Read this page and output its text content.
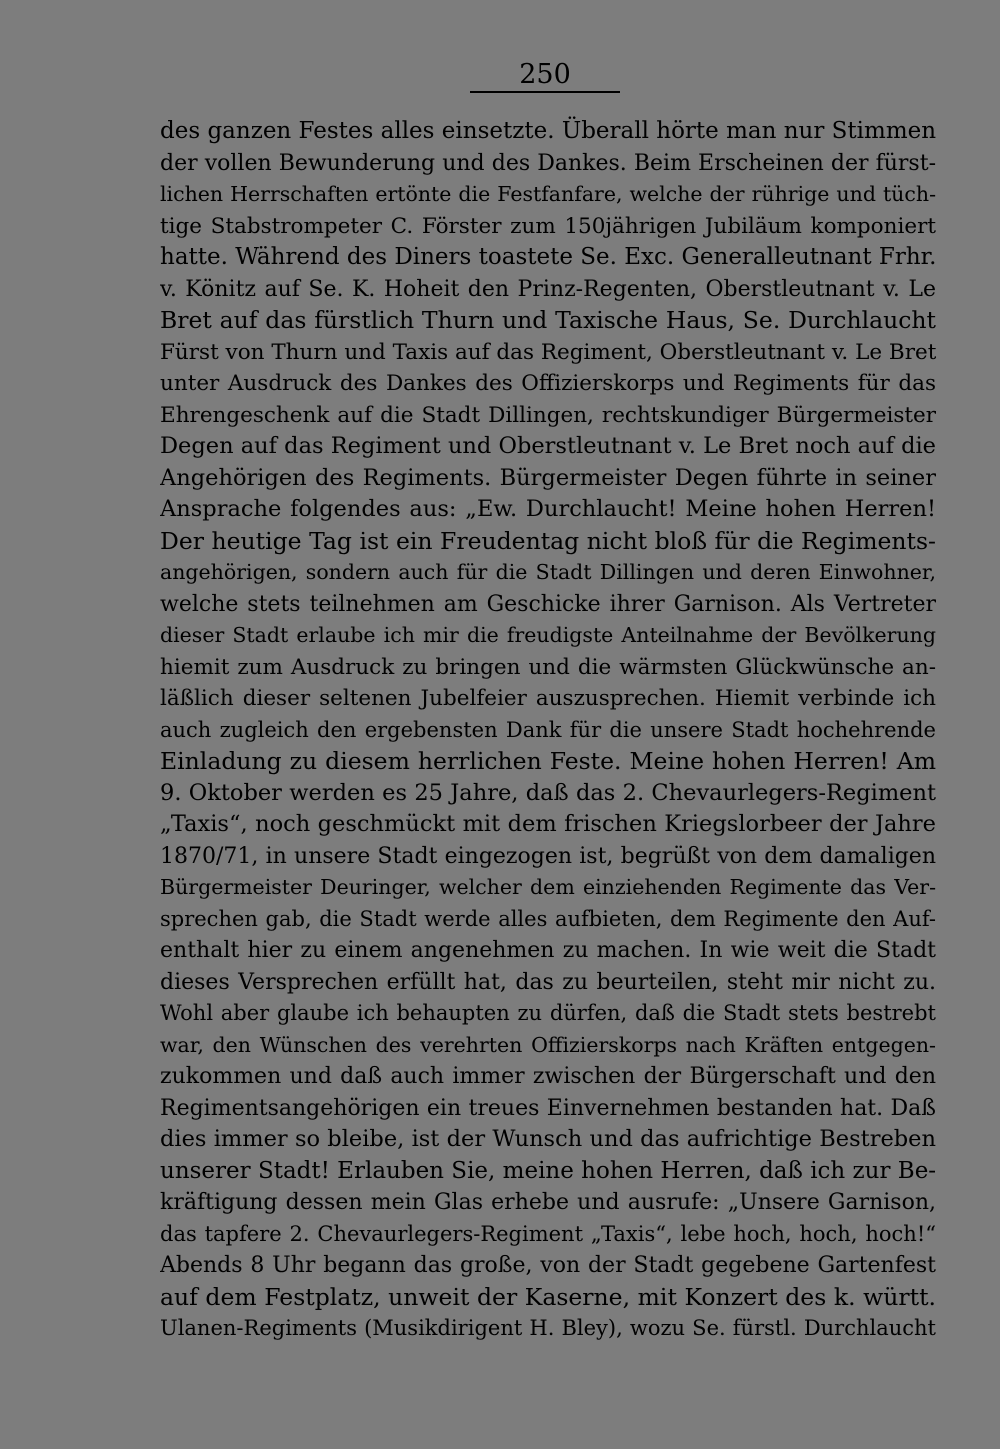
250
des ganzen Festes alles einsetzte. Überall hörte man nur Stimmen
der vollen Bewunderung und des Dankes. Beim Erscheinen der fürst-
lichen Herrschaften ertönte die Festfanfare, welche der rührige und tüch-
tige Stabstrompeter C. Förster zum 150jährigen Jubiläum komponiert
hatte. Während des Diners toastete Se. Exc. Generalleutnant Frhr.
v. Könitz auf Se. K. Hoheit den Prinz-Regenten, Oberstleutnant v. Le
Bret auf das fürstlich Thurn und Taxische Haus, Se. Durchlaucht
Fürst von Thurn und Taxis auf das Regiment, Oberstleutnant v. Le Bret
unter Ausdruck des Dankes des Offizierskorps und Regiments für das
Ehrengeschenk auf die Stadt Dillingen, rechtskundiger Bürgermeister
Degen auf das Regiment und Oberstleutnant v. Le Bret noch auf die
Angehörigen des Regiments. Bürgermeister Degen führte in seiner
Ansprache folgendes aus: „Ew. Durchlaucht! Meine hohen Herren!
Der heutige Tag ist ein Freudentag nicht bloß für die Regiments-
angehörigen, sondern auch für die Stadt Dillingen und deren Einwohner,
welche stets teilnehmen am Geschicke ihrer Garnison. Als Vertreter
dieser Stadt erlaube ich mir die freudigste Anteilnahme der Bevölkerung
hiemit zum Ausdruck zu bringen und die wärmsten Glückwünsche an-
läßlich dieser seltenen Jubelfeier auszusprechen. Hiemit verbinde ich
auch zugleich den ergebensten Dank für die unsere Stadt hochehrende
Einladung zu diesem herrlichen Feste. Meine hohen Herren! Am
9. Oktober werden es 25 Jahre, daß das 2. Chevaurlegers-Regiment
„Taxis“, noch geschmückt mit dem frischen Kriegslorbeer der Jahre
1870/71, in unsere Stadt eingezogen ist, begrüßt von dem damaligen
Bürgermeister Deuringer, welcher dem einziehenden Regimente das Ver-
sprechen gab, die Stadt werde alles aufbieten, dem Regimente den Auf-
enthalt hier zu einem angenehmen zu machen. In wie weit die Stadt
dieses Versprechen erfüllt hat, das zu beurteilen, steht mir nicht zu.
Wohl aber glaube ich behaupten zu dürfen, daß die Stadt stets bestrebt
war, den Wünschen des verehrten Offizierskorps nach Kräften entgegen-
zukommen und daß auch immer zwischen der Bürgerschaft und den
Regimentsangehörigen ein treues Einvernehmen bestanden hat. Daß
dies immer so bleibe, ist der Wunsch und das aufrichtige Bestreben
unserer Stadt! Erlauben Sie, meine hohen Herren, daß ich zur Be-
kräftigung dessen mein Glas erhebe und ausrufe: „Unsere Garnison,
das tapfere 2. Chevaurlegers-Regiment „Taxis“, lebe hoch, hoch, hoch!“
Abends 8 Uhr begann das große, von der Stadt gegebene Gartenfest
auf dem Festplatz, unweit der Kaserne, mit Konzert des k. württ.
Ulanen-Regiments (Musikdirigent H. Bley), wozu Se. fürstl. Durchlaucht
